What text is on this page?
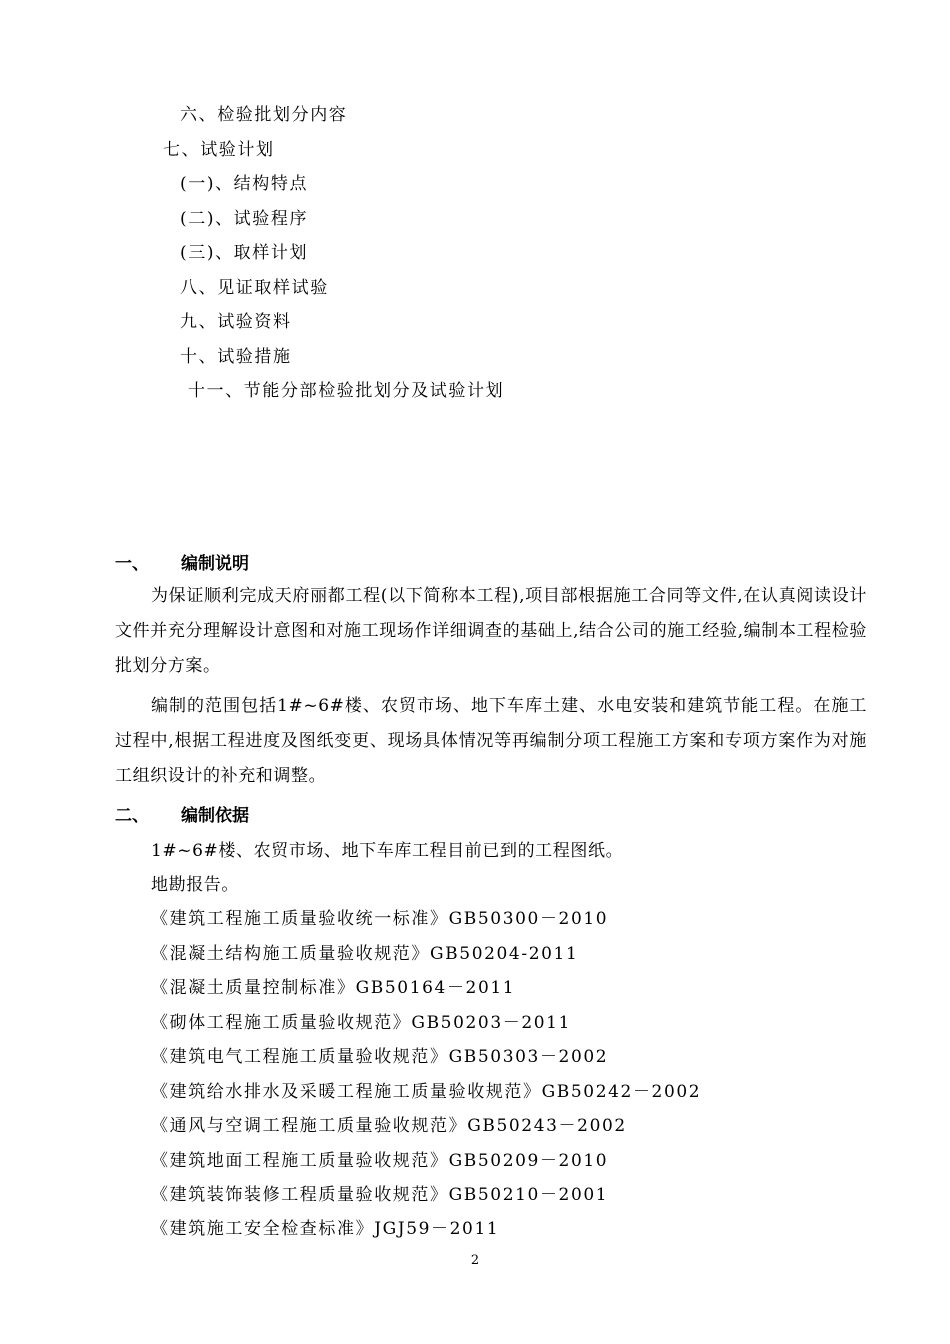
六、检验批划分内容
七、试验计划
(一)、结构特点
(二)、试验程序
(三)、取样计划
八、见证取样试验
九、试验资料
十、试验措施
十一、节能分部检验批划分及试验计划
一、 编制说明
为保证顺利完成天府丽都工程(以下简称本工程),项目部根据施工合同等文件,在认真阅读设计文件并充分理解设计意图和对施工现场作详细调查的基础上,结合公司的施工经验,编制本工程检验批划分方案。
编制的范围包括1#~6#楼、农贸市场、地下车库土建、水电安装和建筑节能工程。在施工过程中,根据工程进度及图纸变更、现场具体情况等再编制分项工程施工方案和专项方案作为对施工组织设计的补充和调整。
二、 编制依据
1#~6#楼、农贸市场、地下车库工程目前已到的工程图纸。
地勘报告。
《建筑工程施工质量验收统一标准》GB50300－2010
《混凝土结构施工质量验收规范》GB50204-2011
《混凝土质量控制标准》GB50164－2011
《砌体工程施工质量验收规范》GB50203－2011
《建筑电气工程施工质量验收规范》GB50303－2002
《建筑给水排水及采暖工程施工质量验收规范》GB50242－2002
《通风与空调工程施工质量验收规范》GB50243－2002
《建筑地面工程施工质量验收规范》GB50209－2010
《建筑装饰装修工程质量验收规范》GB50210－2001
《建筑施工安全检查标准》JGJ59－2011
2
